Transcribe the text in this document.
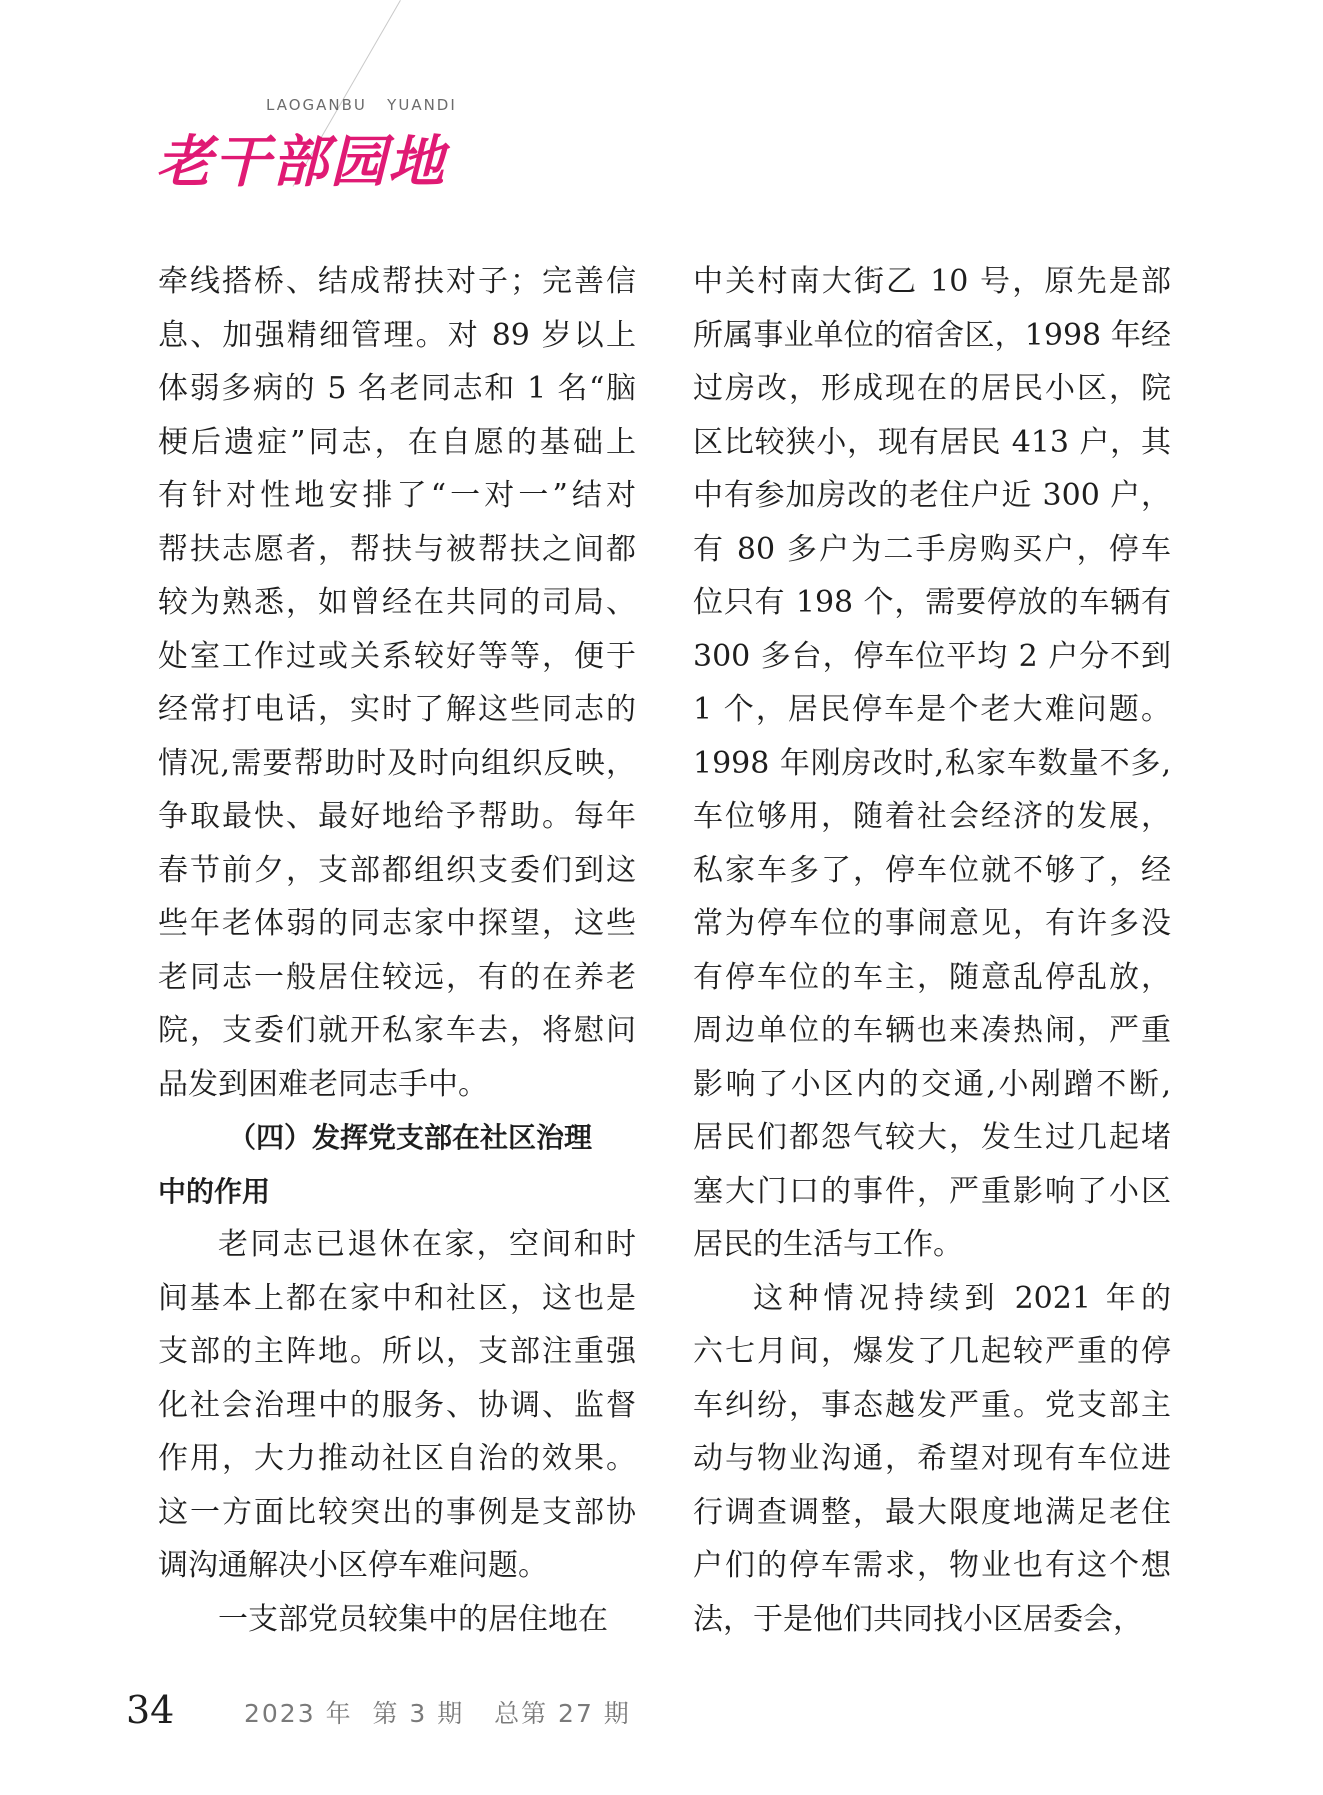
LAOGANBU   YUANDI
老干部园地
牵线搭桥、结成帮扶对子；完善信
息、加强精细管理。对 89 岁以上
体弱多病的 5 名老同志和 1 名“脑
梗后遗症”同志，在自愿的基础上
有针对性地安排了“一对一”结对
帮扶志愿者，帮扶与被帮扶之间都
较为熟悉，如曾经在共同的司局、
处室工作过或关系较好等等，便于
经常打电话，实时了解这些同志的
情况,需要帮助时及时向组织反映，
争取最快、最好地给予帮助。每年
春节前夕，支部都组织支委们到这
些年老体弱的同志家中探望，这些
老同志一般居住较远，有的在养老
院，支委们就开私家车去，将慰问
品发到困难老同志手中。
（四）发挥党支部在社区治理
中的作用
老同志已退休在家，空间和时
间基本上都在家中和社区，这也是
支部的主阵地。所以，支部注重强
化社会治理中的服务、协调、监督
作用，大力推动社区自治的效果。
这一方面比较突出的事例是支部协
调沟通解决小区停车难问题。
一支部党员较集中的居住地在
中关村南大街乙 10 号，原先是部
所属事业单位的宿舍区，1998 年经
过房改，形成现在的居民小区，院
区比较狭小，现有居民 413 户，其
中有参加房改的老住户近 300 户，
有 80 多户为二手房购买户，停车
位只有 198 个，需要停放的车辆有
300 多台，停车位平均 2 户分不到
1 个，居民停车是个老大难问题。
1998 年刚房改时,私家车数量不多,
车位够用，随着社会经济的发展，
私家车多了，停车位就不够了，经
常为停车位的事闹意见，有许多没
有停车位的车主，随意乱停乱放，
周边单位的车辆也来凑热闹，严重
影响了小区内的交通,小剐蹭不断,
居民们都怨气较大，发生过几起堵
塞大门口的事件，严重影响了小区
居民的生活与工作。
这种情况持续到 2021 年的
六七月间，爆发了几起较严重的停
车纠纷，事态越发严重。党支部主
动与物业沟通，希望对现有车位进
行调查调整，最大限度地满足老住
户们的停车需求，物业也有这个想
法，于是他们共同找小区居委会，
34	2023 年  第 3 期   总第 27 期
